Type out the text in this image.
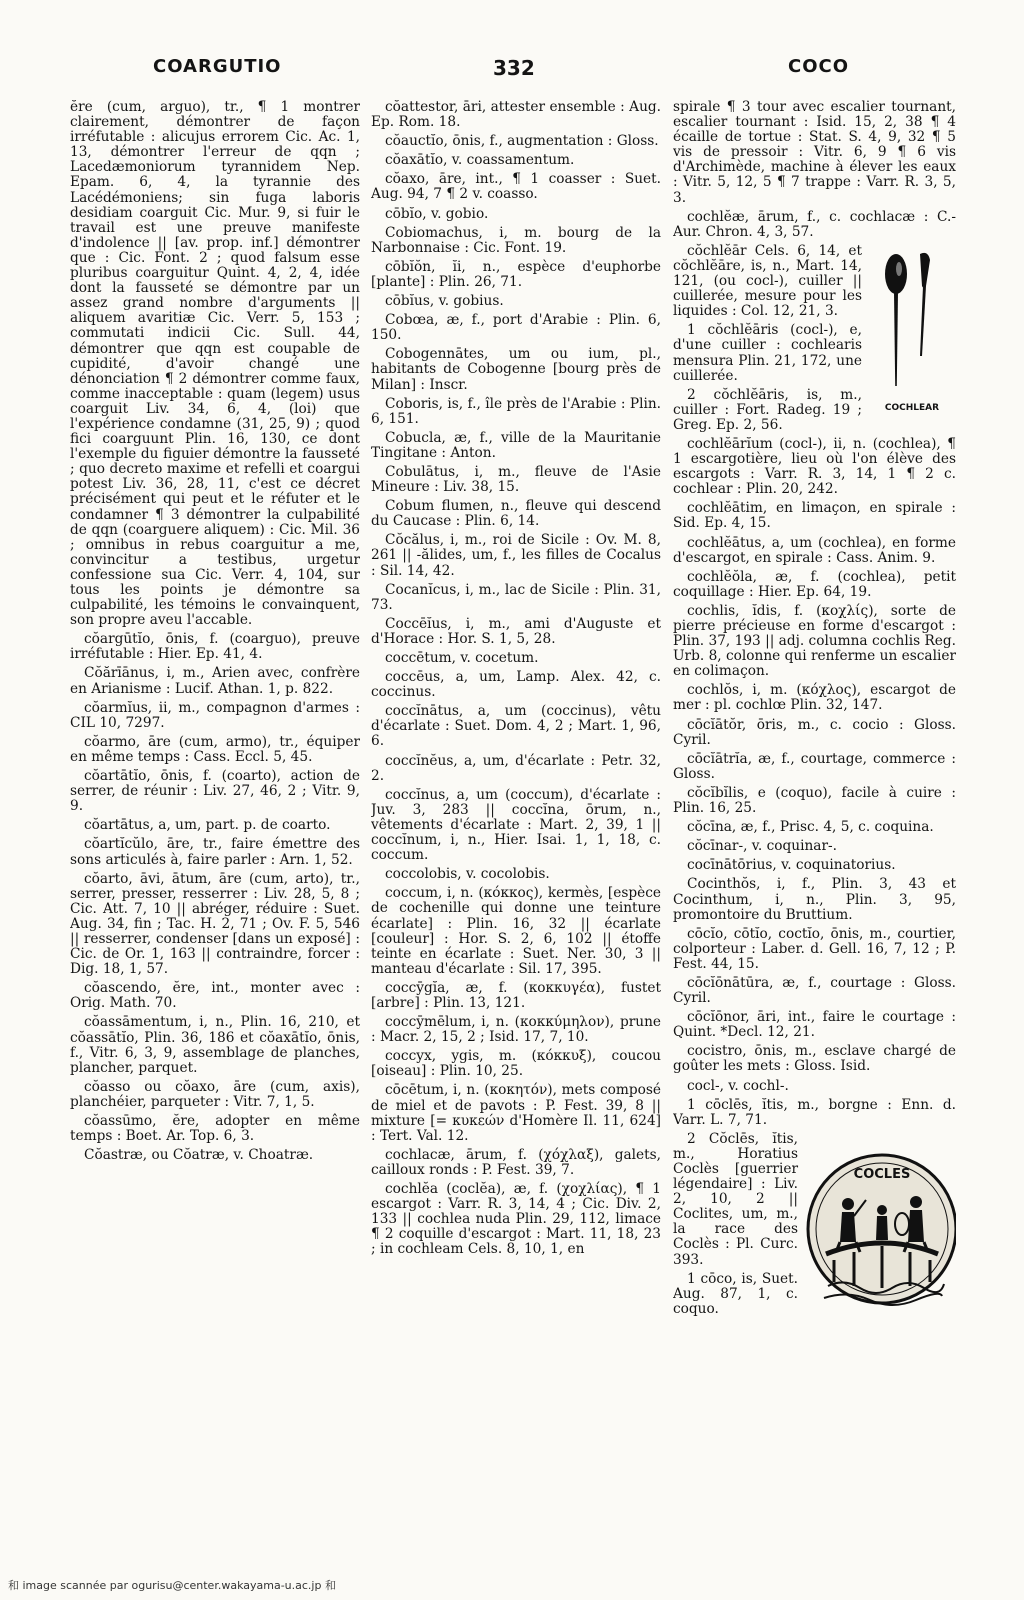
COARGUTIO	332	COCO

ĕre (cum, arguo), tr., ¶ 1 montrer clairement, démontrer de façon irréfutable : alicujus errorem Cic. Ac. 1, 13, démontrer l'erreur de qqn ; Lacedæmoniorum tyrannidem Nep. Epam. 6, 4, la tyrannie des Lacédémoniens; sin fuga laboris desidiam coarguit Cic. Mur. 9, si fuir le travail est une preuve manifeste d'indolence || [av. prop. inf.] démontrer que : Cic. Font. 2 ; quod falsum esse pluribus coarguitur Quint. 4, 2, 4, idée dont la fausseté se démontre par un assez grand nombre d'arguments || aliquem avaritiæ Cic. Verr. 5, 153 ; commutati indicii Cic. Sull. 44, démontrer que qqn est coupable de cupidité, d'avoir changé une dénonciation ¶ 2 démontrer comme faux, comme inacceptable : quam (legem) usus coarguit Liv. 34, 6, 4, (loi) que l'expérience condamne (31, 25, 9) ; quod fici coarguunt Plin. 16, 130, ce dont l'exemple du figuier démontre la fausseté ; quo decreto maxime et refelli et coargui potest Liv. 36, 28, 11, c'est ce décret précisément qui peut et le réfuter et le condamner ¶ 3 démontrer la culpabilité de qqn (coarguere aliquem) : Cic. Mil. 36 ; omnibus in rebus coarguitur a me, convincitur a testibus, urgetur confessione sua Cic. Verr. 4, 104, sur tous les points je démontre sa culpabilité, les témoins le convainquent, son propre aveu l'accable.

cŏargūtĭo, ōnis, f. (coarguo), preuve irréfutable : Hier. Ep. 41, 4.

Cŏărīānus, i, m., Arien avec, confrère en Arianisme : Lucif. Athan. 1, p. 822.

cŏarmĭus, ii, m., compagnon d'armes : CIL 10, 7297.

cŏarmo, āre (cum, armo), tr., équiper en même temps : Cass. Eccl. 5, 45.

cŏartātĭo, ōnis, f. (coarto), action de serrer, de réunir : Liv. 27, 46, 2 ; Vitr. 9, 9.

cŏartātus, a, um, part. p. de coarto.

cŏartĭcŭlo, āre, tr., faire émettre des sons articulés à, faire parler : Arn. 1, 52.

cŏarto, āvi, ātum, āre (cum, arto), tr., serrer, presser, resserrer : Liv. 28, 5, 8 ; Cic. Att. 7, 10 || abréger, réduire : Suet. Aug. 34, fin ; Tac. H. 2, 71 ; Ov. F. 5, 546 || resserrer, condenser [dans un exposé] : Cic. de Or. 1, 163 || contraindre, forcer : Dig. 18, 1, 57.

cŏascendo, ĕre, int., monter avec : Orig. Math. 70.

cŏassāmentum, i, n., Plin. 16, 210, et cŏassātĭo, Plin. 36, 186 et cŏaxātĭo, ōnis, f., Vitr. 6, 3, 9, assemblage de planches, plancher, parquet.

cŏasso ou cŏaxo, āre (cum, axis), planchéier, parqueter : Vitr. 7, 1, 5.

cŏassūmo, ĕre, adopter en même temps : Boet. Ar. Top. 6, 3.

Cŏastræ, ou Cŏatræ, v. Choatræ.

cŏattestor, āri, attester ensemble : Aug. Ep. Rom. 18.

cŏauctĭo, ōnis, f., augmentation : Gloss.

cŏaxātĭo, v. coassamentum.

cŏaxo, āre, int., ¶ 1 coasser : Suet. Aug. 94, 7 ¶ 2 v. coasso.

cōbĭo, v. gobio.

Cobiomachus, i, m. bourg de la Narbonnaise : Cic. Font. 19.

cōbĭŏn, ĭi, n., espèce d'euphorbe [plante] : Plin. 26, 71.

cōbĭus, v. gobius.

Cobœa, æ, f., port d'Arabie : Plin. 6, 150.

Cobogennātes, um ou ium, pl., habitants de Cobogenne [bourg près de Milan] : Inscr.

Coboris, is, f., île près de l'Arabie : Plin. 6, 151.

Cobucla, æ, f., ville de la Mauritanie Tingitane : Anton.

Cobulātus, i, m., fleuve de l'Asie Mineure : Liv. 38, 15.

Cobum flumen, n., fleuve qui descend du Caucase : Plin. 6, 14.

Cŏcălus, i, m., roi de Sicile : Ov. M. 8, 261 || -ălides, um, f., les filles de Cocalus : Sil. 14, 42.

Cocanĭcus, i, m., lac de Sicile : Plin. 31, 73.

Coccēĭus, i, m., ami d'Auguste et d'Horace : Hor. S. 1, 5, 28.

coccētum, v. cocetum.

coccēus, a, um, Lamp. Alex. 42, c. coccinus.

coccĭnātus, a, um (coccinus), vêtu d'écarlate : Suet. Dom. 4, 2 ; Mart. 1, 96, 6.

coccĭnĕus, a, um, d'écarlate : Petr. 32, 2.

coccĭnus, a, um (coccum), d'écarlate : Juv. 3, 283 || coccĭna, ōrum, n., vêtements d'écarlate : Mart. 2, 39, 1 || coccĭnum, i, n., Hier. Isai. 1, 1, 18, c. coccum.

coccolobis, v. cocolobis.

coccum, i, n. (κόκκος), kermès, [espèce de cochenille qui donne une teinture écarlate] : Plin. 16, 32 || écarlate [couleur] : Hor. S. 2, 6, 102 || étoffe teinte en écarlate : Suet. Ner. 30, 3 || manteau d'écarlate : Sil. 17, 395.

coccȳgĭa, æ, f. (κοκκυγέα), fustet [arbre] : Plin. 13, 121.

coccȳmēlum, i, n. (κοκκύμηλον), prune : Macr. 2, 15, 2 ; Isid. 17, 7, 10.

coccyx, ygis, m. (κόκκυξ), coucou [oiseau] : Plin. 10, 25.

cōcētum, i, n. (κοκητόν), mets composé de miel et de pavots : P. Fest. 39, 8 || mixture [= κυκεών d'Homère Il. 11, 624] : Tert. Val. 12.

cochlacæ, ārum, f. (χόχλαξ), galets, cailloux ronds : P. Fest. 39, 7.

cochlĕa (coclĕa), æ, f. (χοχλίας), ¶ 1 escargot : Varr. R. 3, 14, 4 ; Cic. Div. 2, 133 || cochlea nuda Plin. 29, 112, limace ¶ 2 coquille d'escargot : Mart. 11, 18, 23 ; in cochleam Cels. 8, 10, 1, en

spirale ¶ 3 tour avec escalier tournant, escalier tournant : Isid. 15, 2, 38 ¶ 4 écaille de tortue : Stat. S. 4, 9, 32 ¶ 5 vis de pressoir : Vitr. 6, 9 ¶ 6 vis d'Archimède, machine à élever les eaux : Vitr. 5, 12, 5 ¶ 7 trappe : Varr. R. 3, 5, 3.

cochlĕæ, ārum, f., c. cochlacæ : C.-Aur. Chron. 4, 3, 57.

COCHLEAR

cŏchlĕār Cels. 6, 14, et cŏchlĕāre, is, n., Mart. 14, 121, (ou cocl-), cuiller || cuillerée, mesure pour les liquides : Col. 12, 21, 3.

1 cŏchlĕāris (cocl-), e, d'une cuiller : cochlearis mensura Plin. 21, 172, une cuillerée.

2 cŏchlĕāris, is, m., cuiller : Fort. Radeg. 19 ; Greg. Ep. 2, 56.

cochlĕārĭum (cocl-), ii, n. (cochlea), ¶ 1 escargotière, lieu où l'on élève des escargots : Varr. R. 3, 14, 1 ¶ 2 c. cochlear : Plin. 20, 242.

cochlĕātim, en limaçon, en spirale : Sid. Ep. 4, 15.

cochlĕātus, a, um (cochlea), en forme d'escargot, en spirale : Cass. Anim. 9.

cochlĕŏla, æ, f. (cochlea), petit coquillage : Hier. Ep. 64, 19.

cochlis, ĭdis, f. (κοχλίς), sorte de pierre précieuse en forme d'escargot : Plin. 37, 193 || adj. columna cochlis Reg. Urb. 8, colonne qui renferme un escalier en colimaçon.

cochlŏs, i, m. (κόχλος), escargot de mer : pl. cochlœ Plin. 32, 147.

cōcĭātŏr, ōris, m., c. cocio : Gloss. Cyril.

cōcĭātrĭa, æ, f., courtage, commerce : Gloss.

cŏcĭbĭlis, e (coquo), facile à cuire : Plin. 16, 25.

cŏcīna, æ, f., Prisc. 4, 5, c. coquina.

cŏcīnar-, v. coquinar-.

cocīnātōrius, v. coquinatorius.

Cocinthŏs, i, f., Plin. 3, 43 et Cocinthum, i, n., Plin. 3, 95, promontoire du Bruttium.

cōcĭo, cōtĭo, coctĭo, ōnis, m., courtier, colporteur : Laber. d. Gell. 16, 7, 12 ; P. Fest. 44, 15.

cōcĭōnātūra, æ, f., courtage : Gloss. Cyril.

cōcĭōnor, āri, int., faire le courtage : Quint. *Decl. 12, 21.

cocistro, ōnis, m., esclave chargé de goûter les mets : Gloss. Isid.

cocl-, v. cochl-.

1 cōclēs, ĭtis, m., borgne : Enn. d. Varr. L. 7, 71.

COCLES

2 Cŏclēs, ĭtis, m., Horatius Coclès [guerrier légendaire] : Liv. 2, 10, 2 || Coclites, um, m., la race des Coclès : Pl. Curc. 393.

1 cōco, is, Suet. Aug. 87, 1, c. coquo.

和 image scannée par ogurisu@center.wakayama-u.ac.jp 和
